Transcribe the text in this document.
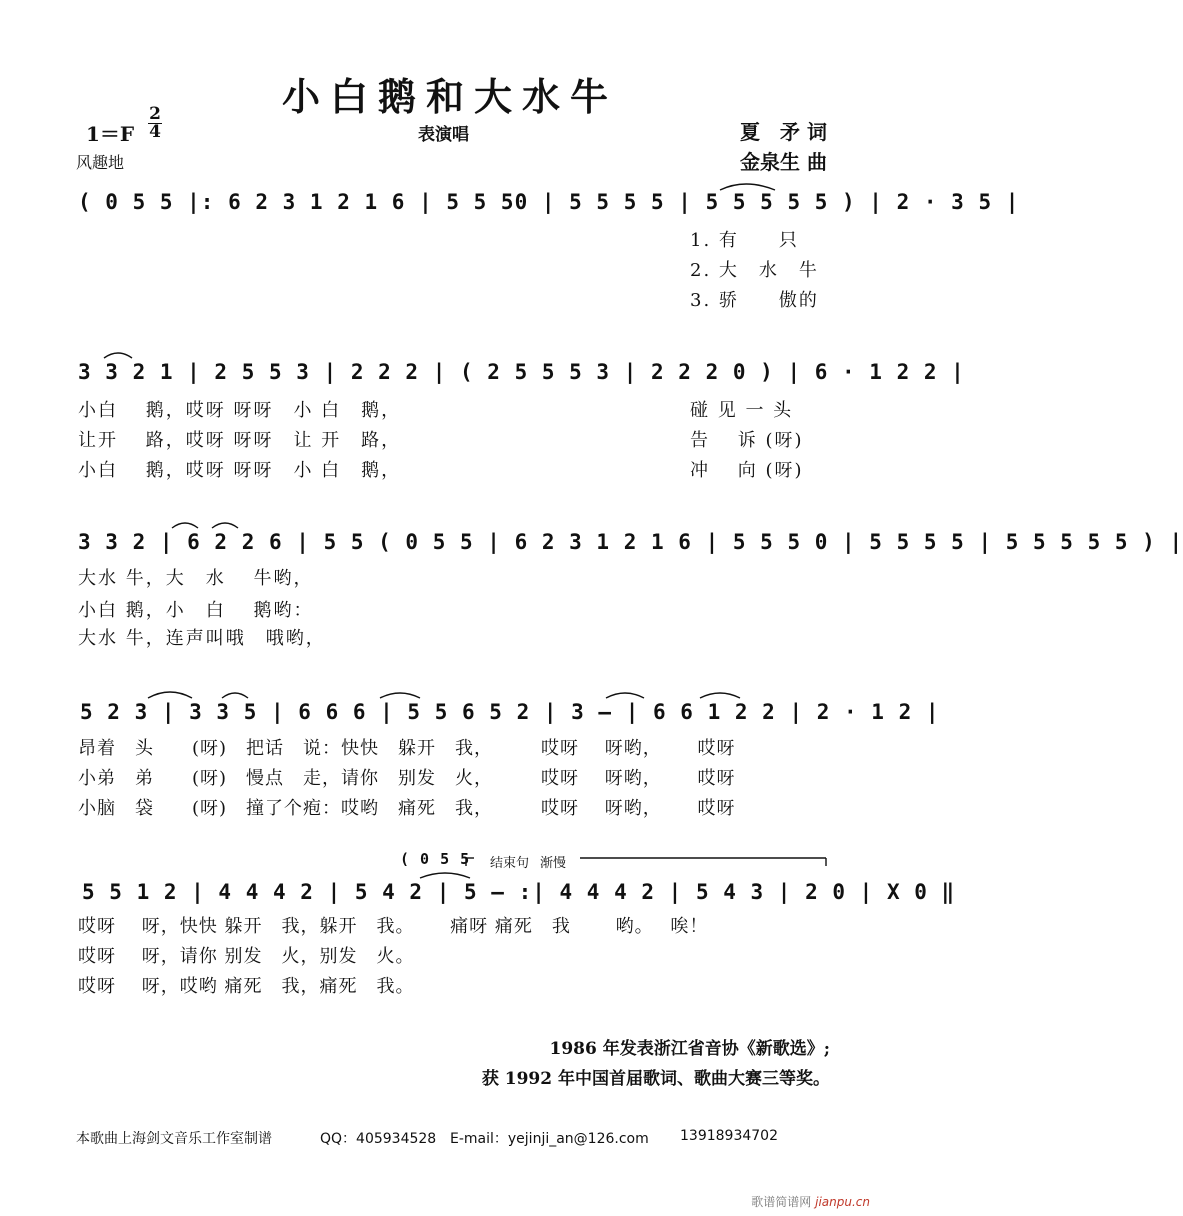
小白鹅和大水牛
1＝F
2
4	表演唱	夏　矛 词
金泉生 曲
风趣地
( 0 5 5 |: 6 2 3 1 2 1 6 | 5 5 50 | 5 5 5 5 | 5 5 5 5 5 ) | 2 · 3 5 |
1. 有　　只
2. 大　水　牛
3. 骄　　傲的
3 3 2 1 | 2 5 5 3 | 2 2 2 | ( 2 5 5 5 3 | 2 2 2 0 ) | 6 · 1 2 2 |
小白　 鹅，哎呀 呀呀　小 白　鹅，
让开　 路，哎呀 呀呀　让 开　路，
小白　 鹅，哎呀 呀呀　小 白　鹅，
碰 见 一 头
告　 诉 (呀)
冲　 向 (呀)
3 3 2 | 6 2 2 6 | 5 5 ( 0 5 5 | 6 2 3 1 2 1 6 | 5 5 5 0 | 5 5 5 5 | 5 5 5 5 5 ) |
大水 牛，大　水　 牛哟，
小白 鹅，小　白　 鹅哟：
大水 牛，连声叫哦　哦哟，
5 2 3 | 3 3 5 | 6 6 6 | 5 5 6 5 2 | 3 — | 6 6 1 2 2 | 2 · 1 2 |
昂着　头　　(呀)　把话　说：快快　躲开　我，　　　哎呀　 呀哟，　　 哎呀
小弟　弟　　(呀)　慢点　走，请你　别发　火，　　　哎呀　 呀哟，　　 哎呀
小脑　袋　　(呀)　撞了个疱：哎哟　痛死　我，　　　哎呀　 呀哟，　　 哎呀
( 0 5 5 结束句 渐慢
5 5 1 2 | 4 4 4 2 | 5 4 2 | 5 — :| 4 4 4 2 | 5 4 3 | 2 0 | X 0 ‖
哎呀　 呀，快快 躲开　我，躲开　我。　　 痛呀 痛死　我　　 哟。　 唉！
哎呀　 呀，请你 别发　火，别发　火。
哎呀　 呀，哎哟 痛死　我，痛死　我。
1986 年发表浙江省音协《新歌选》;
获 1992 年中国首届歌词、歌曲大赛三等奖。
本歌曲上海剑文音乐工作室制谱	QQ：405934528 E-mail：yejinji_an@126.com 13918934702
歌谱简谱网 jianpu.cn
